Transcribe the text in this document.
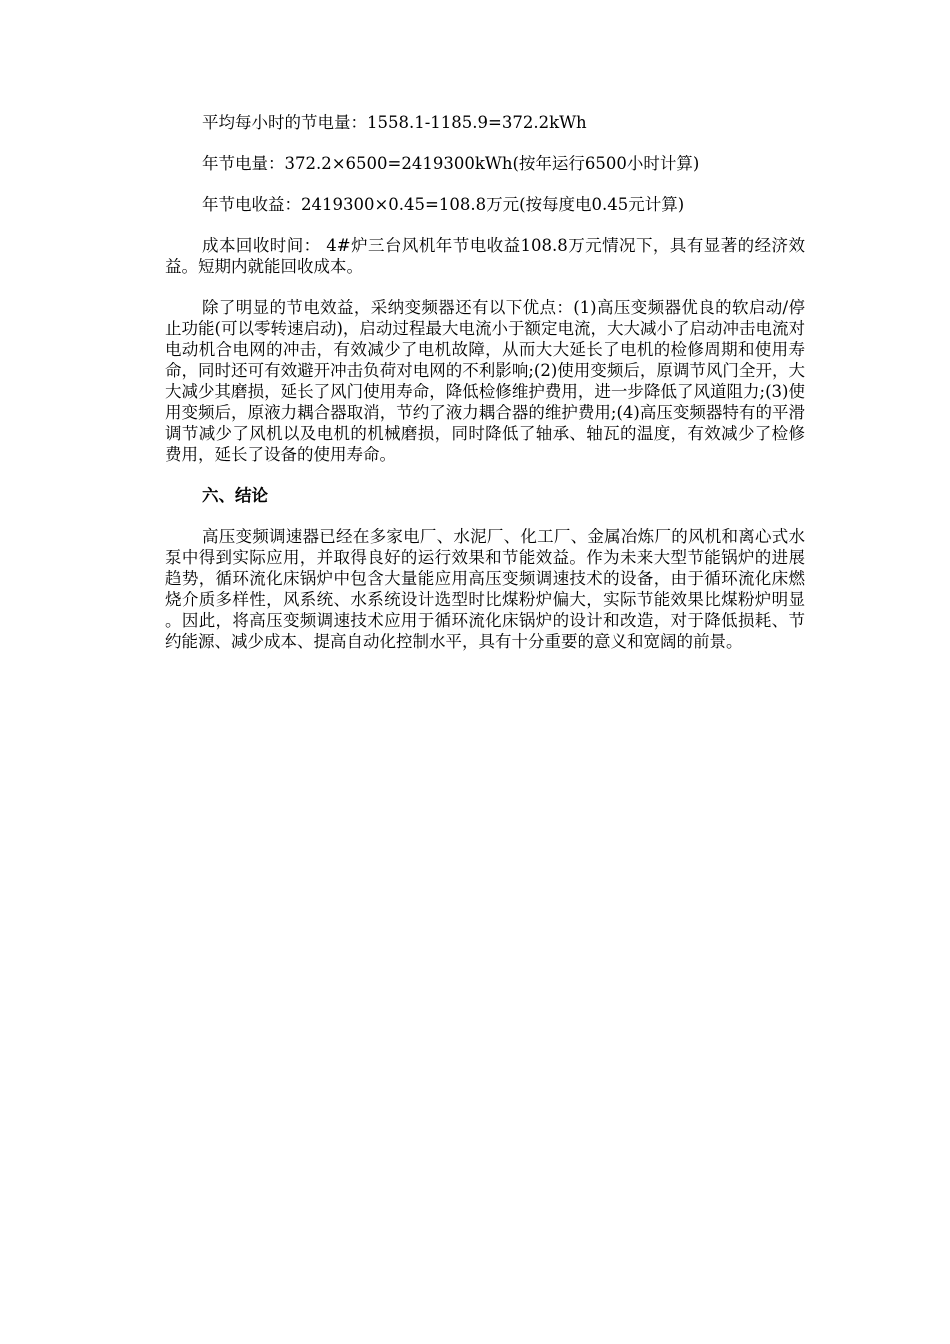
平均每小时的节电量：1558.1-1185.9=372.2kWh

年节电量：372.2×6500=2419300kWh(按年运行6500小时计算)

年节电收益：2419300×0.45=108.8万元(按每度电0.45元计算)

成本回收时间： 4#炉三台风机年节电收益108.8万元情况下，具有显著的经济效益。短期内就能回收成本。

除了明显的节电效益，采纳变频器还有以下优点：(1)高压变频器优良的软启动/停止功能(可以零转速启动)，启动过程最大电流小于额定电流，大大减小了启动冲击电流对电动机合电网的冲击，有效减少了电机故障，从而大大延长了电机的检修周期和使用寿命，同时还可有效避开冲击负荷对电网的不利影响;(2)使用变频后，原调节风门全开，大大减少其磨损，延长了风门使用寿命，降低检修维护费用，进一步降低了风道阻力;(3)使用变频后，原液力耦合器取消，节约了液力耦合器的维护费用;(4)高压变频器特有的平滑调节减少了风机以及电机的机械磨损，同时降低了轴承、轴瓦的温度，有效减少了检修费用，延长了设备的使用寿命。

六、结论

高压变频调速器已经在多家电厂、水泥厂、化工厂、金属冶炼厂的风机和离心式水泵中得到实际应用，并取得良好的运行效果和节能效益。作为未来大型节能锅炉的进展趋势，循环流化床锅炉中包含大量能应用高压变频调速技术的设备，由于循环流化床燃烧介质多样性，风系统、水系统设计选型时比煤粉炉偏大，实际节能效果比煤粉炉明显。因此，将高压变频调速技术应用于循环流化床锅炉的设计和改造，对于降低损耗、节约能源、减少成本、提高自动化控制水平，具有十分重要的意义和宽阔的前景。
